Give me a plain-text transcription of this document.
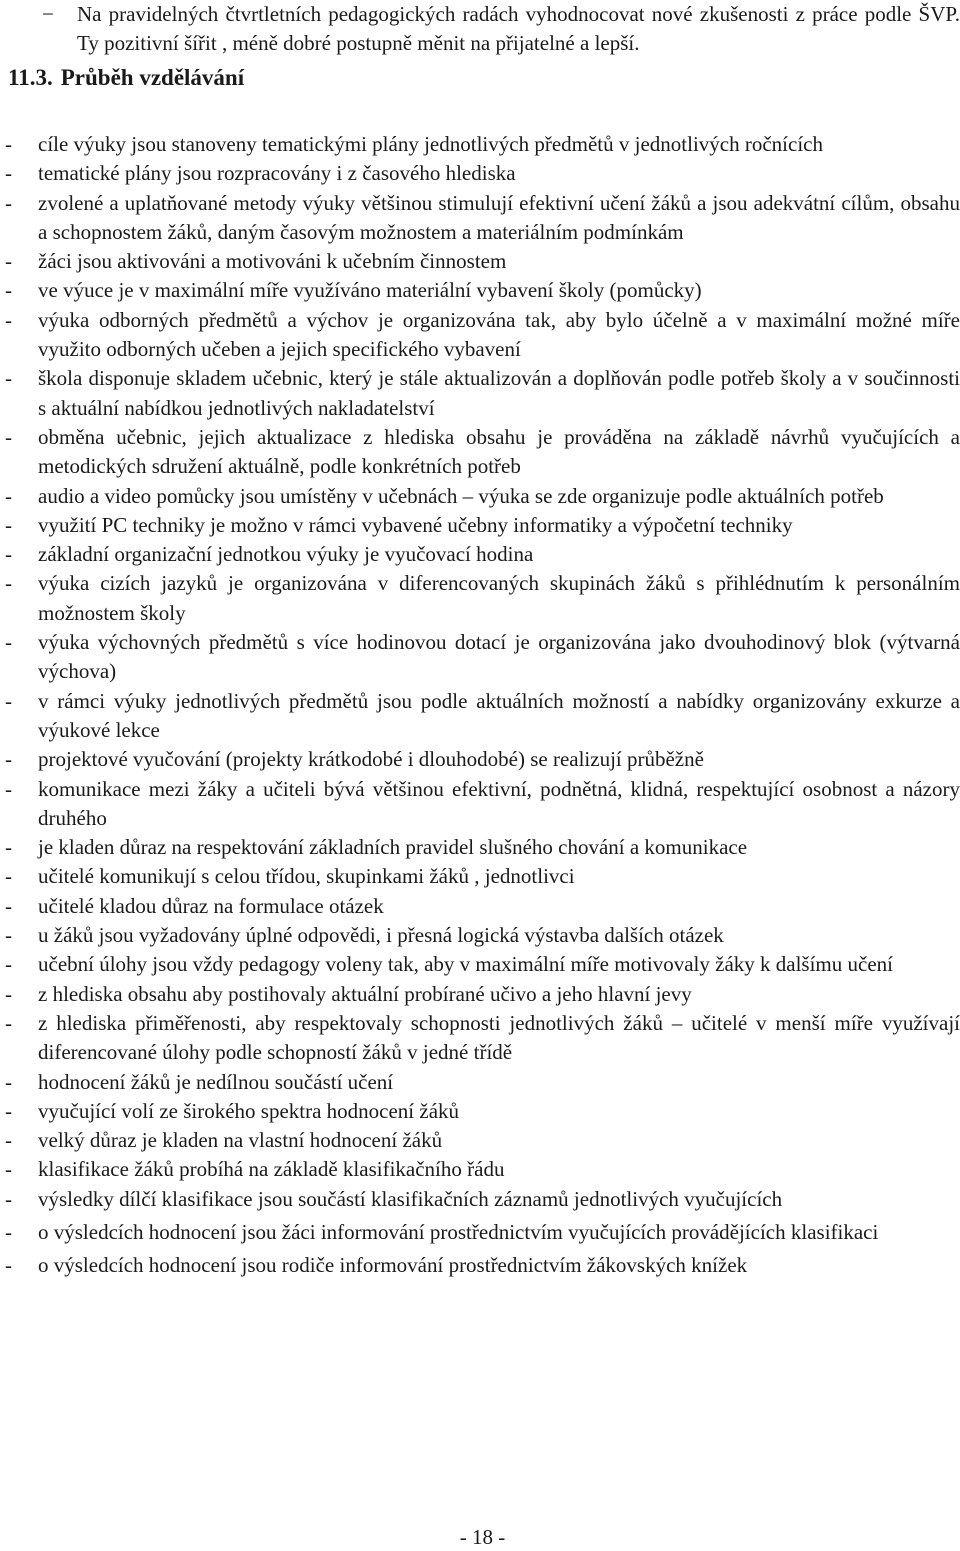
− Na pravidelných čtvrtletních pedagogických radách vyhodnocovat nové zkušenosti z práce podle ŠVP. Ty pozitivní šířit , méně dobré postupně měnit na přijatelné a lepší.
11.3. Průběh vzdělávání
- cíle výuky jsou stanoveny tematickými plány jednotlivých předmětů v jednotlivých ročnících
- tematické plány jsou rozpracovány i z časového hlediska
- zvolené a uplatňované metody výuky většinou stimulují efektivní učení žáků a jsou adekvátní cílům, obsahu a schopnostem žáků, daným časovým možnostem a materiálním podmínkám
- žáci jsou aktivováni a motivováni k učebním činnostem
- ve výuce je v maximální míře využíváno materiální vybavení školy (pomůcky)
- výuka odborných předmětů a výchov je organizována tak, aby bylo účelně a v maximální možné míře využito odborných učeben a jejich specifického vybavení
- škola disponuje skladem učebnic, který je stále aktualizován a doplňován podle potřeb školy a v součinnosti s aktuální nabídkou jednotlivých nakladatelství
- obměna učebnic, jejich aktualizace z hlediska obsahu je prováděna na základě návrhů vyučujících a metodických sdružení aktuálně, podle konkrétních potřeb
- audio a video pomůcky jsou umístěny v učebnách – výuka se zde organizuje podle aktuálních potřeb
- využití PC techniky je možno v rámci vybavené učebny informatiky a výpočetní techniky
- základní organizační jednotkou výuky je vyučovací hodina
- výuka cizích jazyků je organizována v diferencovaných skupinách žáků s přihlédnutím k personálním možnostem školy
- výuka výchovných předmětů s více hodinovou dotací je organizována jako dvouhodinový blok (výtvarná výchova)
- v rámci výuky jednotlivých předmětů jsou podle aktuálních možností a nabídky organizovány exkurze a výukové lekce
- projektové vyučování (projekty krátkodobé i dlouhodobé) se realizují průběžně
- komunikace mezi žáky a učiteli bývá většinou efektivní, podnětná, klidná, respektující osobnost a názory druhého
- je kladen důraz na respektování základních pravidel slušného chování a komunikace
- učitelé komunikují s celou třídou, skupinkami žáků , jednotlivci
- učitelé kladou důraz na formulace otázek
- u žáků jsou vyžadovány úplné odpovědi, i přesná logická výstavba dalších otázek
- učební úlohy jsou vždy pedagogy voleny tak, aby v maximální míře motivovaly žáky k dalšímu učení
- z hlediska obsahu aby postihovaly aktuální probírané učivo a jeho hlavní jevy
- z hlediska přiměřenosti, aby respektovaly schopnosti jednotlivých žáků – učitelé v menší míře využívají diferencované úlohy podle schopností žáků v jedné třídě
- hodnocení žáků je nedílnou součástí učení
- vyučující volí ze širokého spektra hodnocení žáků
- velký důraz je kladen na vlastní hodnocení žáků
- klasifikace žáků probíhá na základě klasifikačního řádu
- výsledky dílčí klasifikace jsou součástí klasifikačních záznamů jednotlivých vyučujících
- o výsledcích hodnocení jsou žáci informování prostřednictvím vyučujících provádějících klasifikaci
- o výsledcích hodnocení jsou rodiče informování prostřednictvím žákovských knížek
- 18 -
